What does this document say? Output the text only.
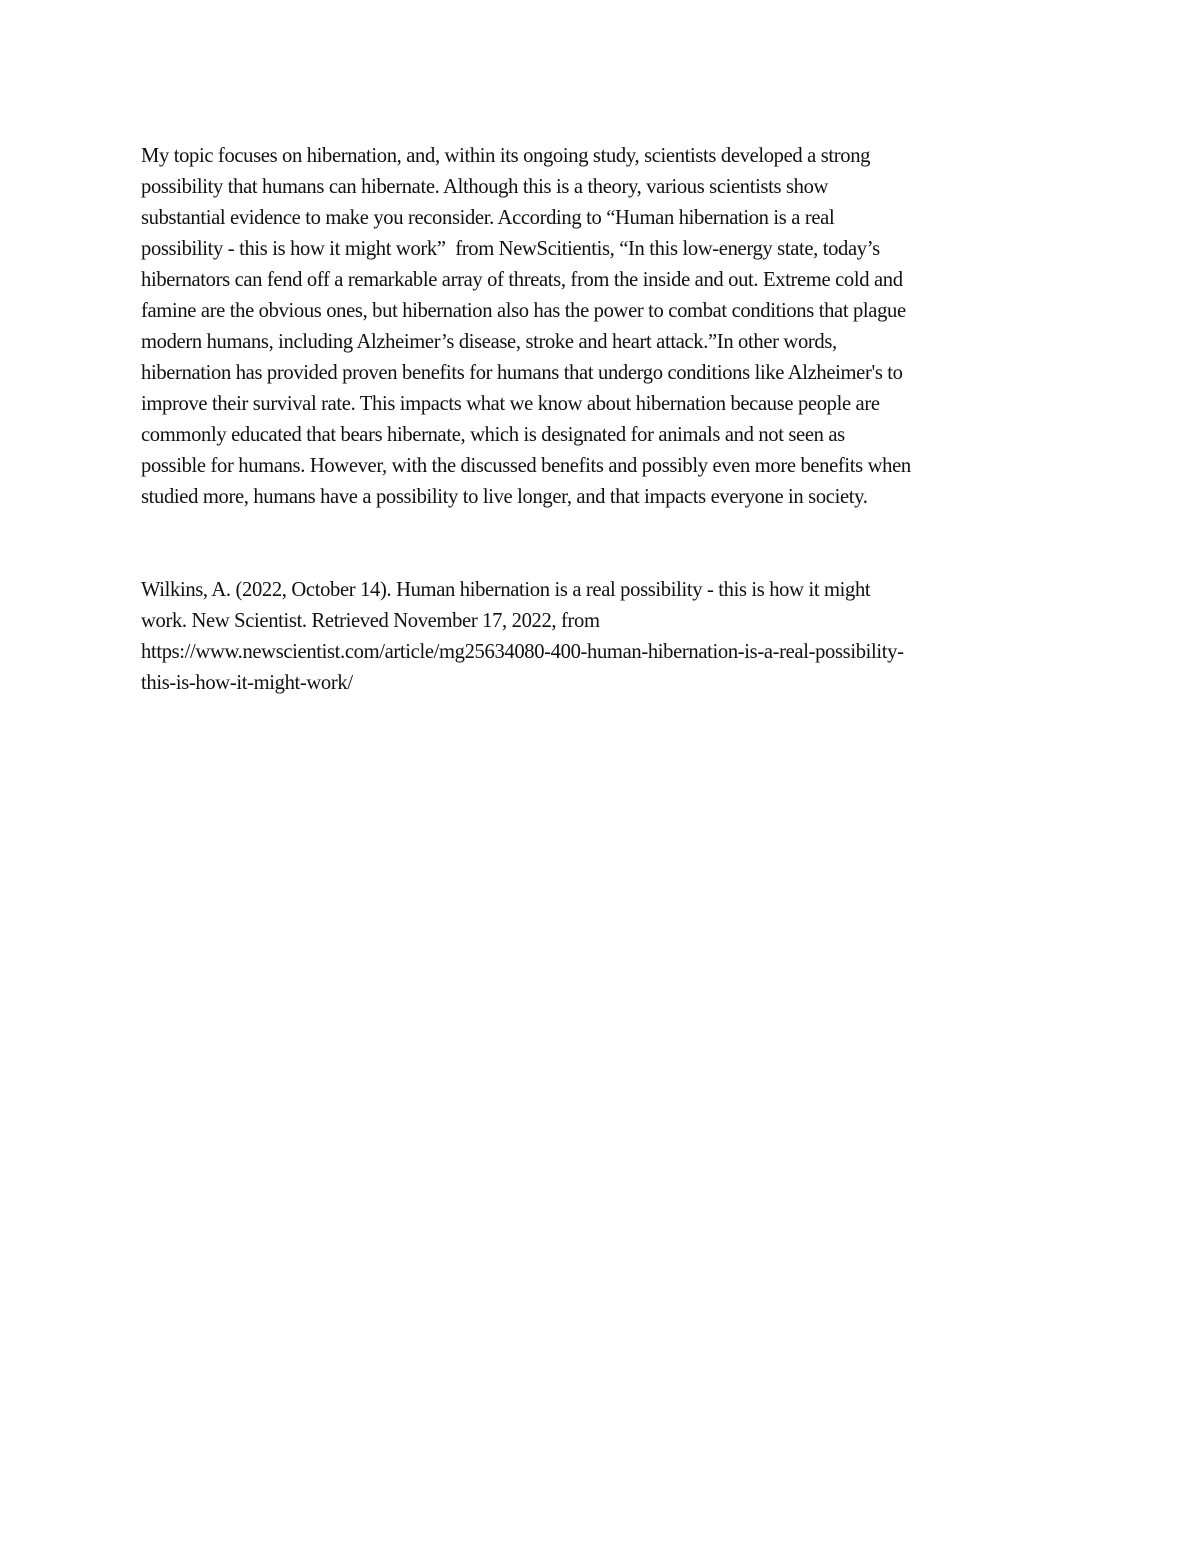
My topic focuses on hibernation, and, within its ongoing study, scientists developed a strong
possibility that humans can hibernate. Although this is a theory, various scientists show
substantial evidence to make you reconsider. According to “Human hibernation is a real
possibility - this is how it might work”  from NewScitientis, “In this low-energy state, today’s
hibernators can fend off a remarkable array of threats, from the inside and out. Extreme cold and
famine are the obvious ones, but hibernation also has the power to combat conditions that plague
modern humans, including Alzheimer’s disease, stroke and heart attack.”In other words,
hibernation has provided proven benefits for humans that undergo conditions like Alzheimer's to
improve their survival rate. This impacts what we know about hibernation because people are
commonly educated that bears hibernate, which is designated for animals and not seen as
possible for humans. However, with the discussed benefits and possibly even more benefits when
studied more, humans have a possibility to live longer, and that impacts everyone in society.

Wilkins, A. (2022, October 14). Human hibernation is a real possibility - this is how it might
work. New Scientist. Retrieved November 17, 2022, from
https://www.newscientist.com/article/mg25634080-400-human-hibernation-is-a-real-possibility-
this-is-how-it-might-work/
